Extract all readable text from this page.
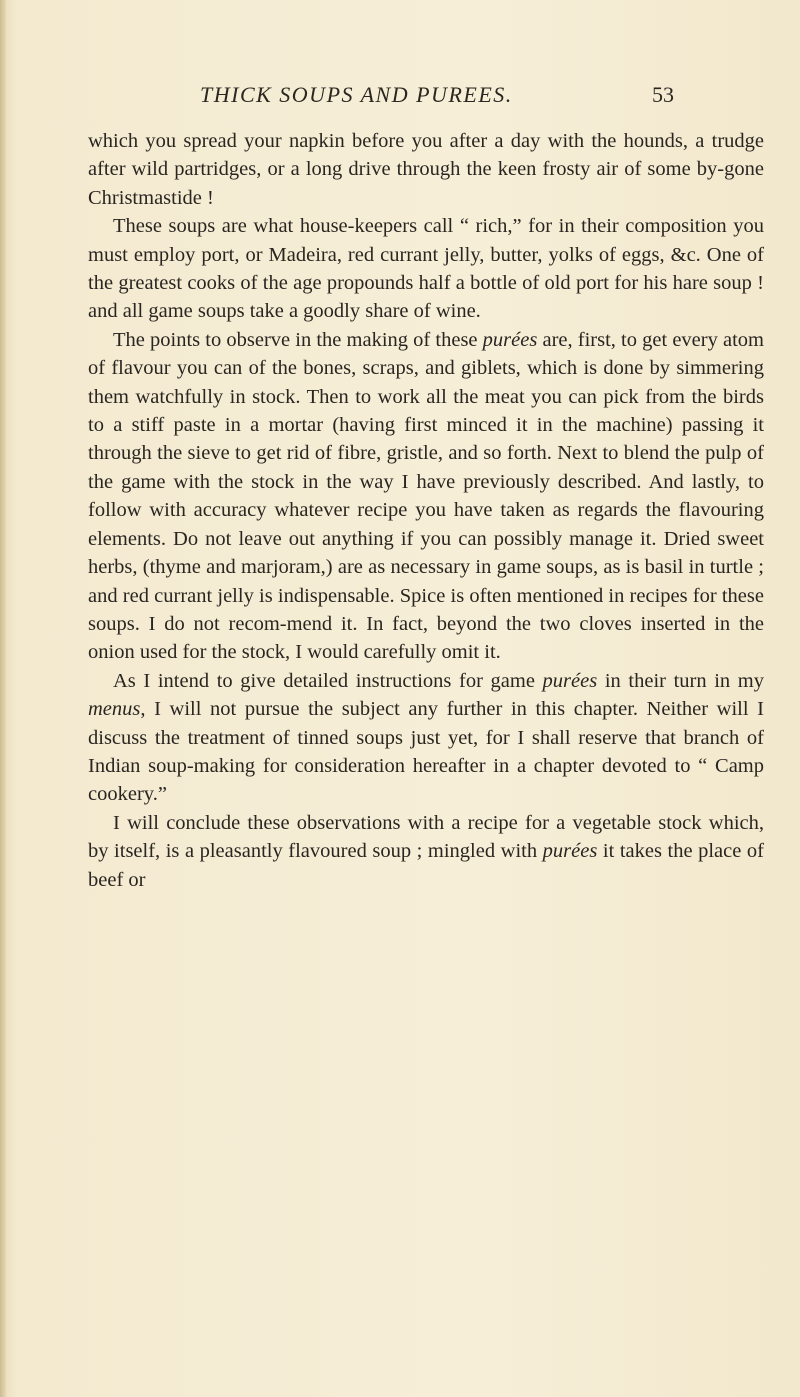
THICK SOUPS AND PUREES.	53

which you spread your napkin before you after a day with the hounds, a trudge after wild partridges, or a long drive through the keen frosty air of some by-gone Christmastide !

These soups are what house-keepers call “ rich,” for in their composition you must employ port, or Madeira, red currant jelly, butter, yolks of eggs, &c. One of the greatest cooks of the age propounds half a bottle of old port for his hare soup ! and all game soups take a goodly share of wine.

The points to observe in the making of these purées are, first, to get every atom of flavour you can of the bones, scraps, and giblets, which is done by simmering them watchfully in stock. Then to work all the meat you can pick from the birds to a stiff paste in a mortar (having first minced it in the machine) passing it through the sieve to get rid of fibre, gristle, and so forth. Next to blend the pulp of the game with the stock in the way I have previously described. And lastly, to follow with accuracy whatever recipe you have taken as regards the flavouring elements. Do not leave out anything if you can possibly manage it. Dried sweet herbs, (thyme and marjoram,) are as necessary in game soups, as is basil in turtle ; and red currant jelly is indispensable. Spice is often mentioned in recipes for these soups. I do not recom-mend it. In fact, beyond the two cloves inserted in the onion used for the stock, I would carefully omit it.

As I intend to give detailed instructions for game purées in their turn in my menus, I will not pursue the subject any further in this chapter. Neither will I discuss the treatment of tinned soups just yet, for I shall reserve that branch of Indian soup-making for consideration hereafter in a chapter devoted to “ Camp cookery.”

I will conclude these observations with a recipe for a vegetable stock which, by itself, is a pleasantly flavoured soup ; mingled with purées it takes the place of beef or
